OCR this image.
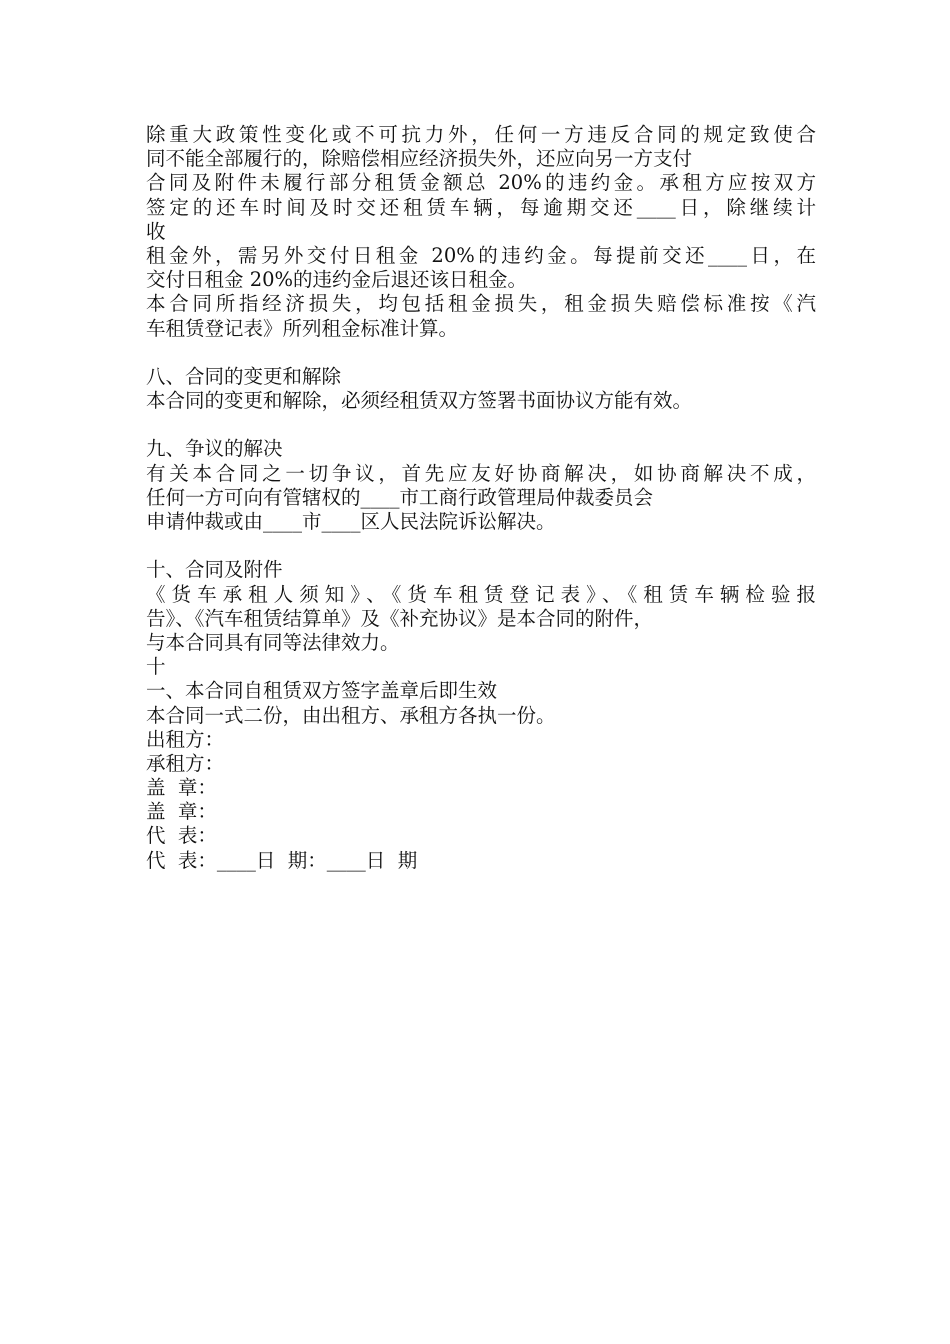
除重大政策性变化或不可抗力外，任何一方违反合同的规定致使合
同不能全部履行的，除赔偿相应经济损失外，还应向另一方支付
合同及附件未履行部分租赁金额总 20%的违约金。承租方应按双方
签定的还车时间及时交还租赁车辆，每逾期交还____日，除继续计
收
租金外，需另外交付日租金 20%的违约金。每提前交还____日，在
交付日租金 20%的违约金后退还该日租金。
本合同所指经济损失，均包括租金损失，租金损失赔偿标准按《汽
车租赁登记表》所列租金标准计算。
八、合同的变更和解除
本合同的变更和解除，必须经租赁双方签署书面协议方能有效。
九、争议的解决
有关本合同之一切争议，首先应友好协商解决，如协商解决不成，
任何一方可向有管辖权的____市工商行政管理局仲裁委员会
申请仲裁或由____市____区人民法院诉讼解决。
十、合同及附件
《货车承租人须知》、《货车租赁登记表》、《租赁车辆检验报
告》、《汽车租赁结算单》及《补充协议》是本合同的附件，
与本合同具有同等法律效力。
十
一、本合同自租赁双方签字盖章后即生效
本合同一式二份，由出租方、承租方各执一份。
出租方：
承租方：
盖  章：
盖  章：
代  表：
代  表：____日  期：____日  期
